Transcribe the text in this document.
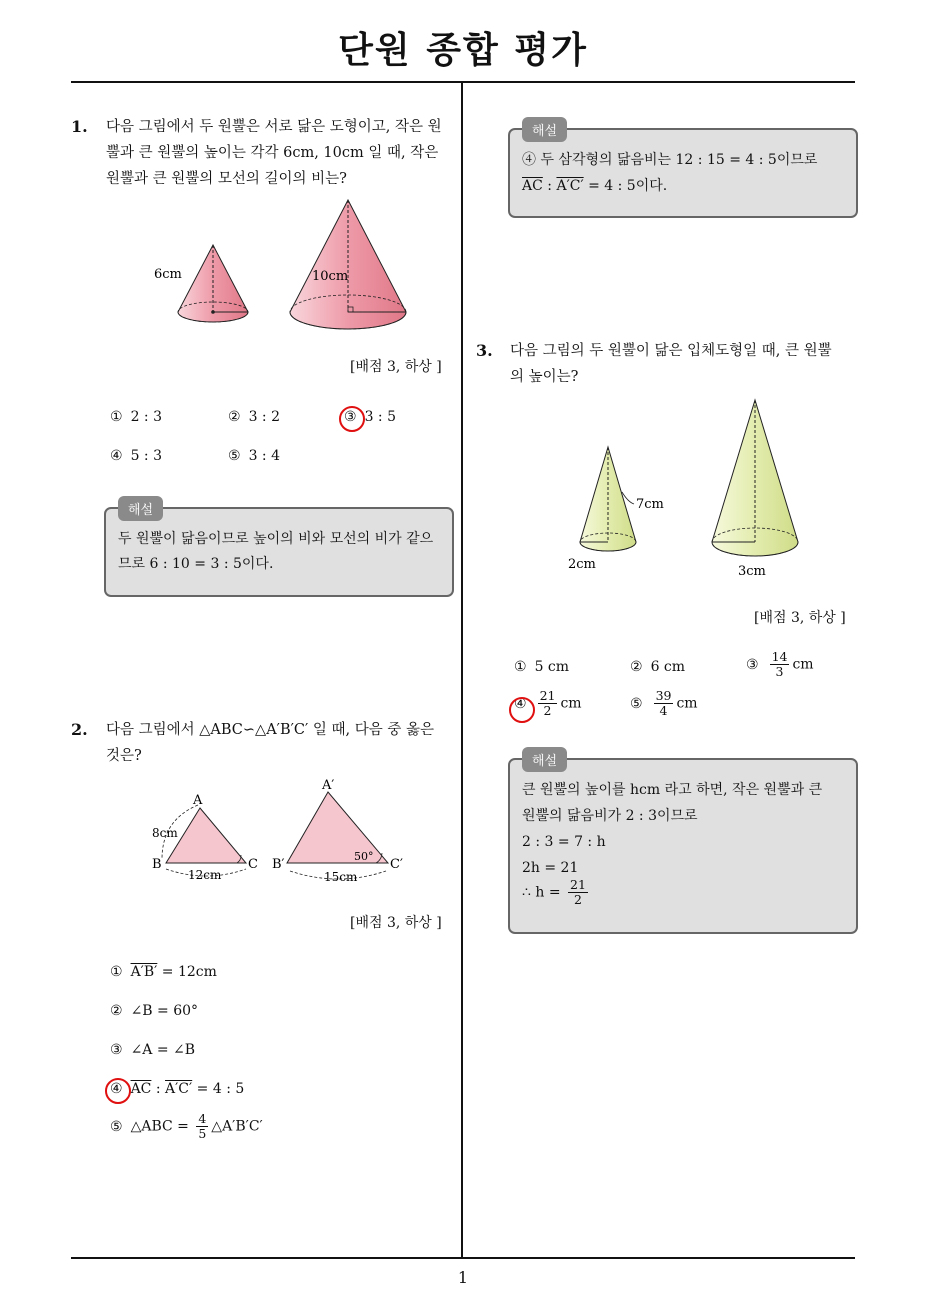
단원 종합 평가
1
1. 다음 그림에서 두 원뿔은 서로 닮은 도형이고, 작은 원뿔과 큰 원뿔의 높이는 각각 6cm, 10cm 일 때, 작은 원뿔과 큰 원뿔의 모선의 길이의 비는?
6cm	10cm
[배점 3, 하상 ]
① 2 : 3	② 3 : 2	③ 3 : 5
④ 5 : 3	⑤ 3 : 4
두 원뿔이 닮음이므로 높이의 비와 모선의 비가 같으므로 6 : 10 = 3 : 5이다.
해설
2. 다음 그림에서 △ABC∽△A′B′C′ 일 때, 다음 중 옳은 것은?
A
B	C
A′
B′	C′
8cm
12cm	15cm
50°
[배점 3, 하상 ]
① A′B′ = 12cm
② ∠B = 60°
③ ∠A = ∠B
④ $\overline{AC}$ : A′C′ = 4 : 5
⑤ △ABC = $\frac{4}{5}$ △A′B′C′
④ 두 삼각형의 닮음비는 12 : 15 = 4 : 5이므로
$\overline{AC}$ : A′C′ = 4 : 5이다.
해설
3. 다음 그림의 두 원뿔이 닮은 입체도형일 때, 큰 원뿔의 높이는?
7cm
2cm	3cm
[배점 3, 하상 ]
① 5 cm	② 6 cm	③ $\frac{14}{3}$ cm
④ $\frac{21}{2}$ cm	⑤ $\frac{39}{4}$ cm
큰 원뿔의 높이를 hcm 라고 하면, 작은 원뿔과 큰
원뿔의 닮음비가 2 : 3이므로
2 : 3 = 7 : h
2h = 21
∴ $h = \frac{21}{2}$
해설
